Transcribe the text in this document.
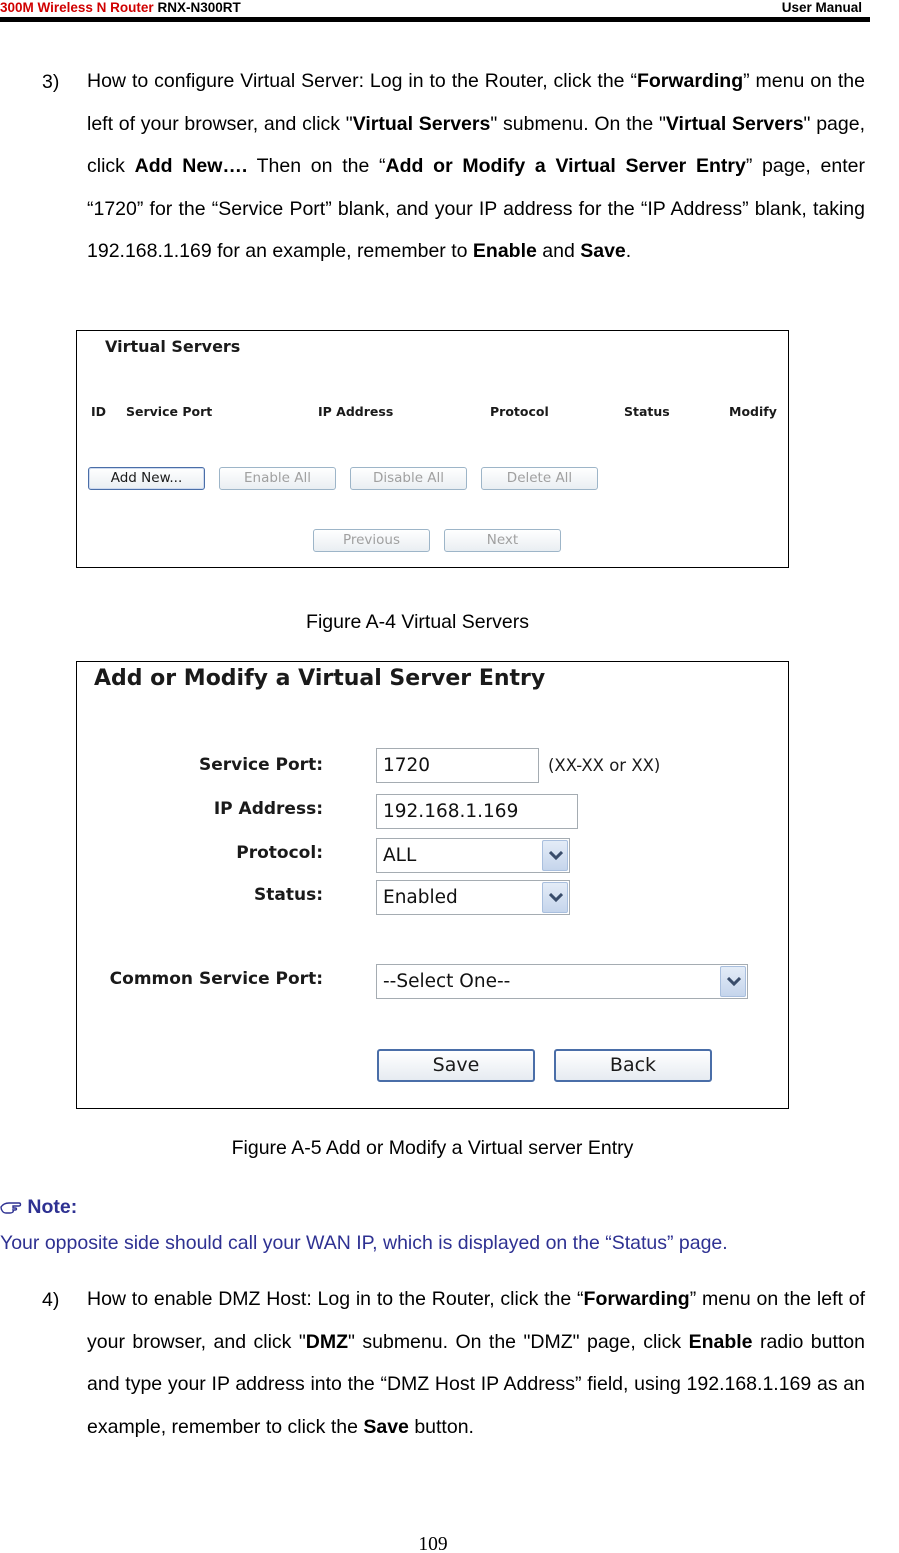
300M Wireless N Router RNX-N300RT	User Manual
3) How to configure Virtual Server: Log in to the Router, click the “Forwarding” menu on the left of your browser, and click "Virtual Servers" submenu. On the "Virtual Servers" page, click Add New…. Then on the “Add or Modify a Virtual Server Entry” page, enter “1720” for the “Service Port” blank, and your IP address for the “IP Address” blank, taking 192.168.1.169 for an example, remember to Enable and Save.
Virtual Servers
ID Service Port	IP Address	Protocol	Status	Modify
Add New...	Enable All	Disable All	Delete All
Previous	Next
Figure A-4 Virtual Servers
Add or Modify a Virtual Server Entry
Service Port:	1720	(XX-XX or XX)
IP Address:	192.168.1.169
Protocol:	ALL
Status:	Enabled
Common Service Port:	--Select One--
Save	Back
Figure A-5 Add or Modify a Virtual server Entry
Note:
Your opposite side should call your WAN IP, which is displayed on the “Status” page.
4) How to enable DMZ Host: Log in to the Router, click the “Forwarding” menu on the left of your browser, and click "DMZ" submenu. On the "DMZ" page, click Enable radio button and type your IP address into the “DMZ Host IP Address” field, using 192.168.1.169 as an example, remember to click the Save button.
109
